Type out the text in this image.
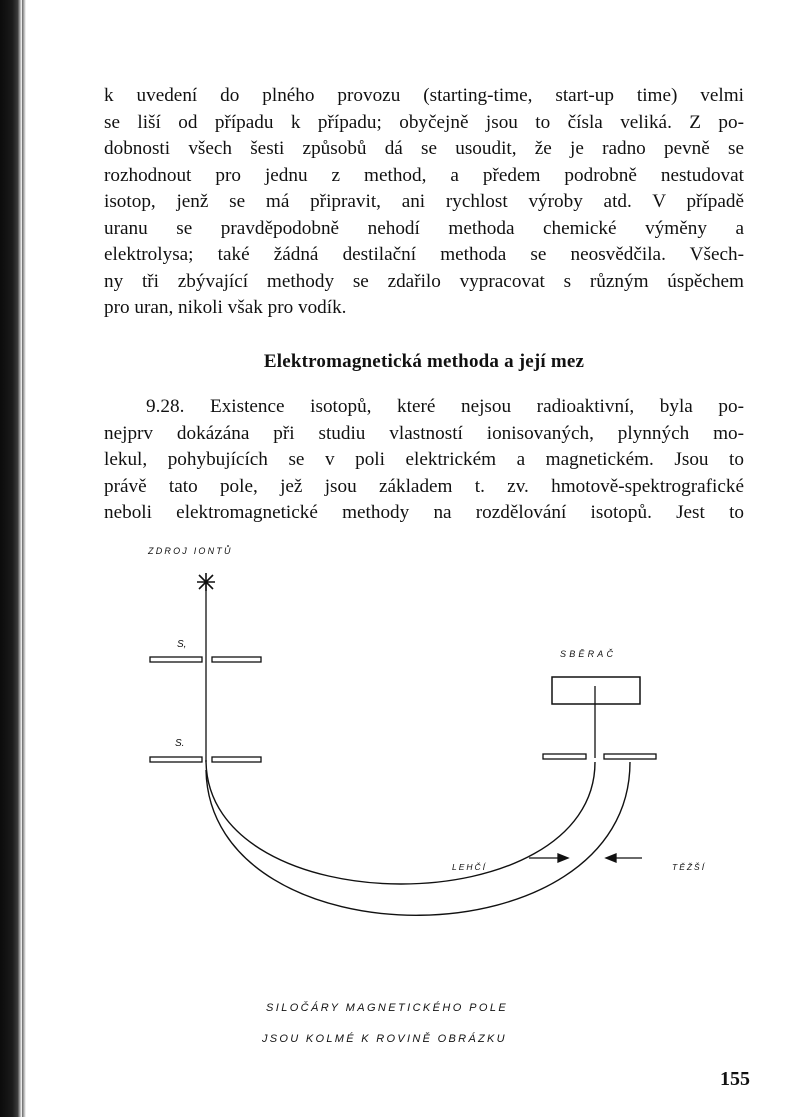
k uvedení do plného provozu (starting-time, start-up time) velmi
se liší od případu k případu; obyčejně jsou to čísla veliká. Z po-
dobnosti všech šesti způsobů dá se usoudit, že je radno pevně se
rozhodnout pro jednu z method, a předem podrobně nestudovat
isotop, jenž se má připravit, ani rychlost výroby atd. V případě
uranu se pravděpodobně nehodí methoda chemické výměny a
elektrolysa; také žádná destilační methoda se neosvědčila. Všech-
ny tři zbývající methody se zdařilo vypracovat s různým úspěchem
pro uran, nikoli však pro vodík.
Elektromagnetická methoda a její mez
9.28. Existence isotopů, které nejsou radioaktivní, byla po-
nejprv dokázána při studiu vlastností ionisovaných, plynných mo-
lekul, pohybujících se v poli elektrickém a magnetickém. Jsou to
právě tato pole, jež jsou základem t. zv. hmotově-spektrografické
neboli elektromagnetické methody na rozdělování isotopů. Jest to
ZDROJ IONTŮ
S,
S.
SBĚRAČ
LEHČÍ	TĚŽŠÍ
SILOČÁRY MAGNETICKÉHO POLE
JSOU KOLMÉ K ROVINĚ OBRÁZKU
155
